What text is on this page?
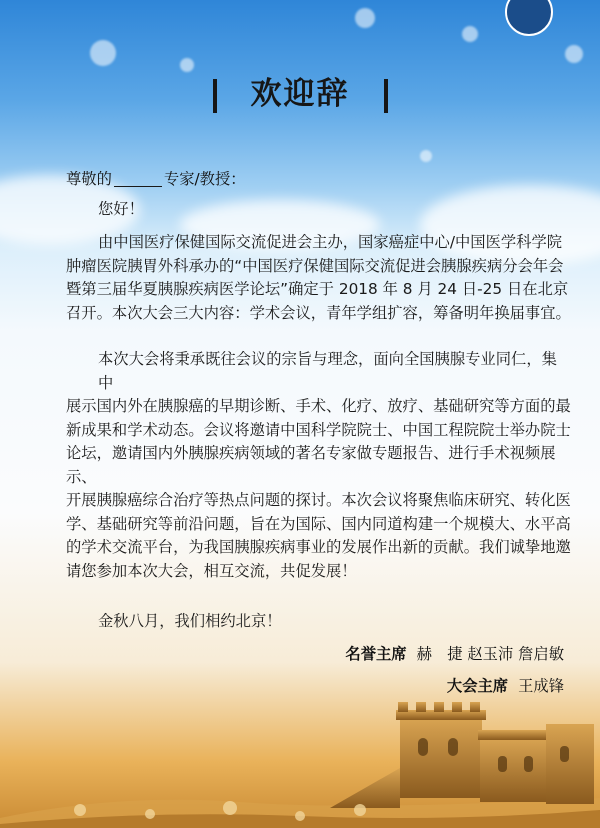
欢迎辞
尊敬的	专家/教授：
您好！
由中国医疗保健国际交流促进会主办，国家癌症中心/中国医学科学院
肿瘤医院胰胃外科承办的“中国医疗保健国际交流促进会胰腺疾病分会年会
暨第三届华夏胰腺疾病医学论坛”确定于 2018 年 8 月 24 日-25 日在北京
召开。本次大会三大内容：学术会议，青年学组扩容，筹备明年换届事宜。
本次大会将秉承既往会议的宗旨与理念，面向全国胰腺专业同仁，集中
展示国内外在胰腺癌的早期诊断、手术、化疗、放疗、基础研究等方面的最
新成果和学术动态。会议将邀请中国科学院院士、中国工程院院士举办院士
论坛，邀请国内外胰腺疾病领域的著名专家做专题报告、进行手术视频展示、
开展胰腺癌综合治疗等热点问题的探讨。本次会议将聚焦临床研究、转化医
学、基础研究等前沿问题，旨在为国际、国内同道构建一个规模大、水平高
的学术交流平台，为我国胰腺疾病事业的发展作出新的贡献。我们诚挚地邀
请您参加本次大会，相互交流，共促发展！
金秋八月，我们相约北京！
名誉主席 赫　捷 赵玉沛 詹启敏
大会主席 王成锋
